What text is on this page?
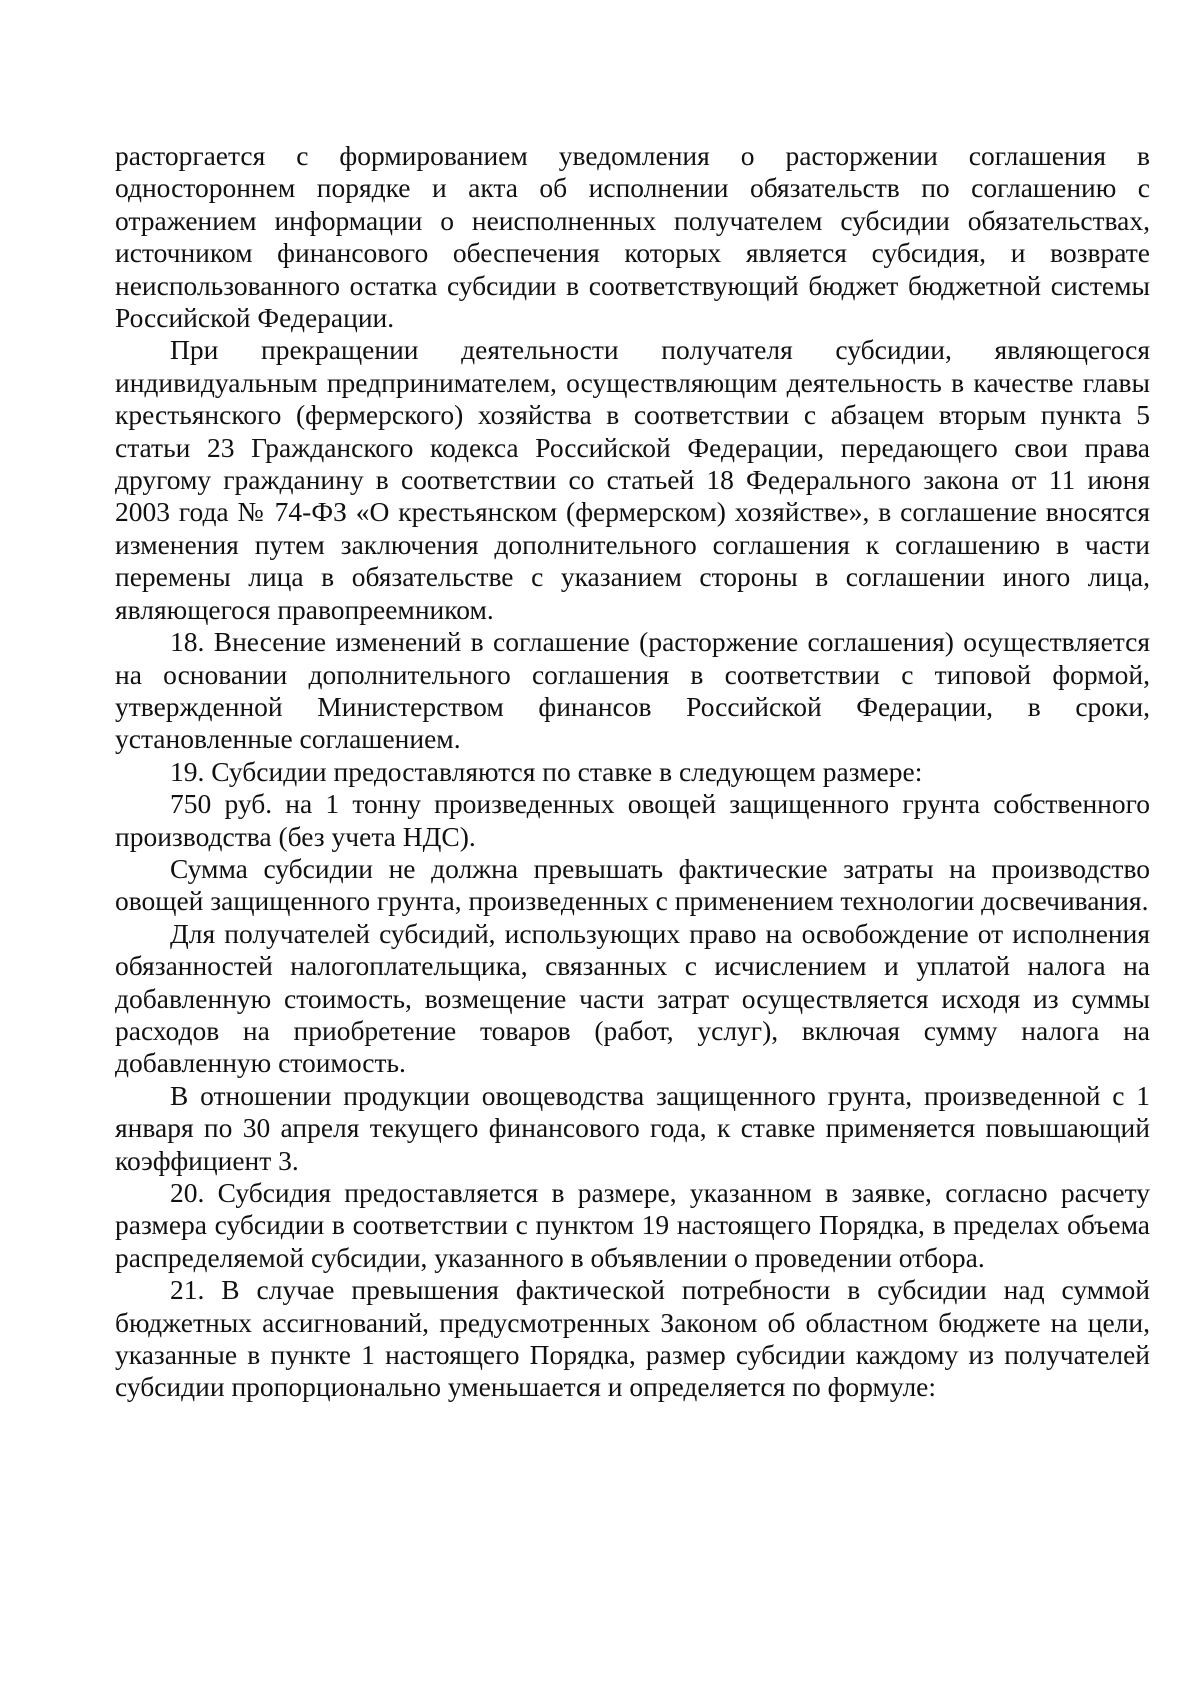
расторгается с формированием уведомления о расторжении соглашения в одностороннем порядке и акта об исполнении обязательств по соглашению с отражением информации о неисполненных получателем субсидии обязательствах, источником финансового обеспечения которых является субсидия, и возврате неиспользованного остатка субсидии в соответствующий бюджет бюджетной системы Российской Федерации.

При прекращении деятельности получателя субсидии, являющегося индивидуальным предпринимателем, осуществляющим деятельность в качестве главы крестьянского (фермерского) хозяйства в соответствии с абзацем вторым пункта 5 статьи 23 Гражданского кодекса Российской Федерации, передающего свои права другому гражданину в соответствии со статьей 18 Федерального закона от 11 июня 2003 года № 74-ФЗ «О крестьянском (фермерском) хозяйстве», в соглашение вносятся изменения путем заключения дополнительного соглашения к соглашению в части перемены лица в обязательстве с указанием стороны в соглашении иного лица, являющегося правопреемником.

18. Внесение изменений в соглашение (расторжение соглашения) осуществляется на основании дополнительного соглашения в соответствии с типовой формой, утвержденной Министерством финансов Российской Федерации, в сроки, установленные соглашением.

19. Субсидии предоставляются по ставке в следующем размере:

750 руб. на 1 тонну произведенных овощей защищенного грунта собственного производства (без учета НДС).

Сумма субсидии не должна превышать фактические затраты на производство овощей защищенного грунта, произведенных с применением технологии досвечивания.

Для получателей субсидий, использующих право на освобождение от исполнения обязанностей налогоплательщика, связанных с исчислением и уплатой налога на добавленную стоимость, возмещение части затрат осуществляется исходя из суммы расходов на приобретение товаров (работ, услуг), включая сумму налога на добавленную стоимость.

В отношении продукции овощеводства защищенного грунта, произведенной с 1 января по 30 апреля текущего финансового года, к ставке применяется повышающий коэффициент 3.

20. Субсидия предоставляется в размере, указанном в заявке, согласно расчету размера субсидии в соответствии с пунктом 19 настоящего Порядка, в пределах объема распределяемой субсидии, указанного в объявлении о проведении отбора.

21. В случае превышения фактической потребности в субсидии над суммой бюджетных ассигнований, предусмотренных Законом об областном бюджете на цели, указанные в пункте 1 настоящего Порядка, размер субсидии каждому из получателей субсидии пропорционально уменьшается и определяется по формуле:
